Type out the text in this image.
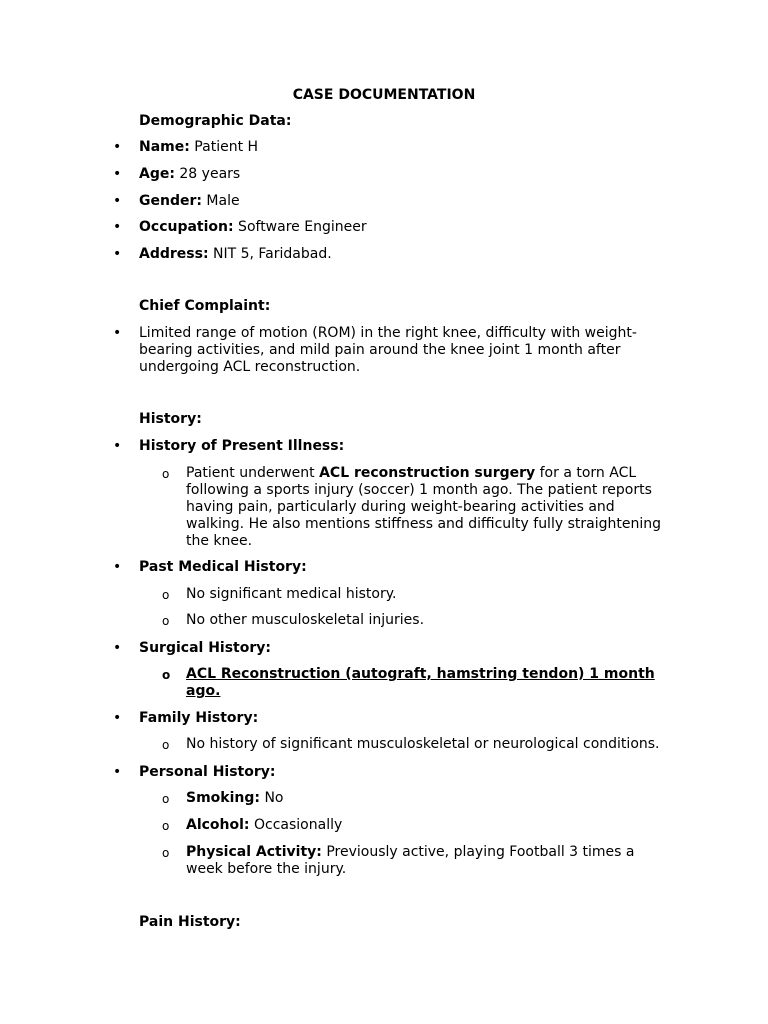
CASE DOCUMENTATION
Demographic Data:
• Name: Patient H
• Age: 28 years
• Gender: Male
• Occupation: Software Engineer
• Address: NIT 5, Faridabad.
Chief Complaint:
• Limited range of motion (ROM) in the right knee, difficulty with weight-bearing activities, and mild pain around the knee joint 1 month after undergoing ACL reconstruction.
History:
• History of Present Illness:
o Patient underwent ACL reconstruction surgery for a torn ACL following a sports injury (soccer) 1 month ago. The patient reports having pain, particularly during weight-bearing activities and walking. He also mentions stiffness and difficulty fully straightening the knee.
• Past Medical History:
o No significant medical history.
o No other musculoskeletal injuries.
• Surgical History:
o ACL Reconstruction (autograft, hamstring tendon) 1 month ago.
• Family History:
o No history of significant musculoskeletal or neurological conditions.
• Personal History:
o Smoking: No
o Alcohol: Occasionally
o Physical Activity: Previously active, playing Football 3 times a week before the injury.
Pain History:
